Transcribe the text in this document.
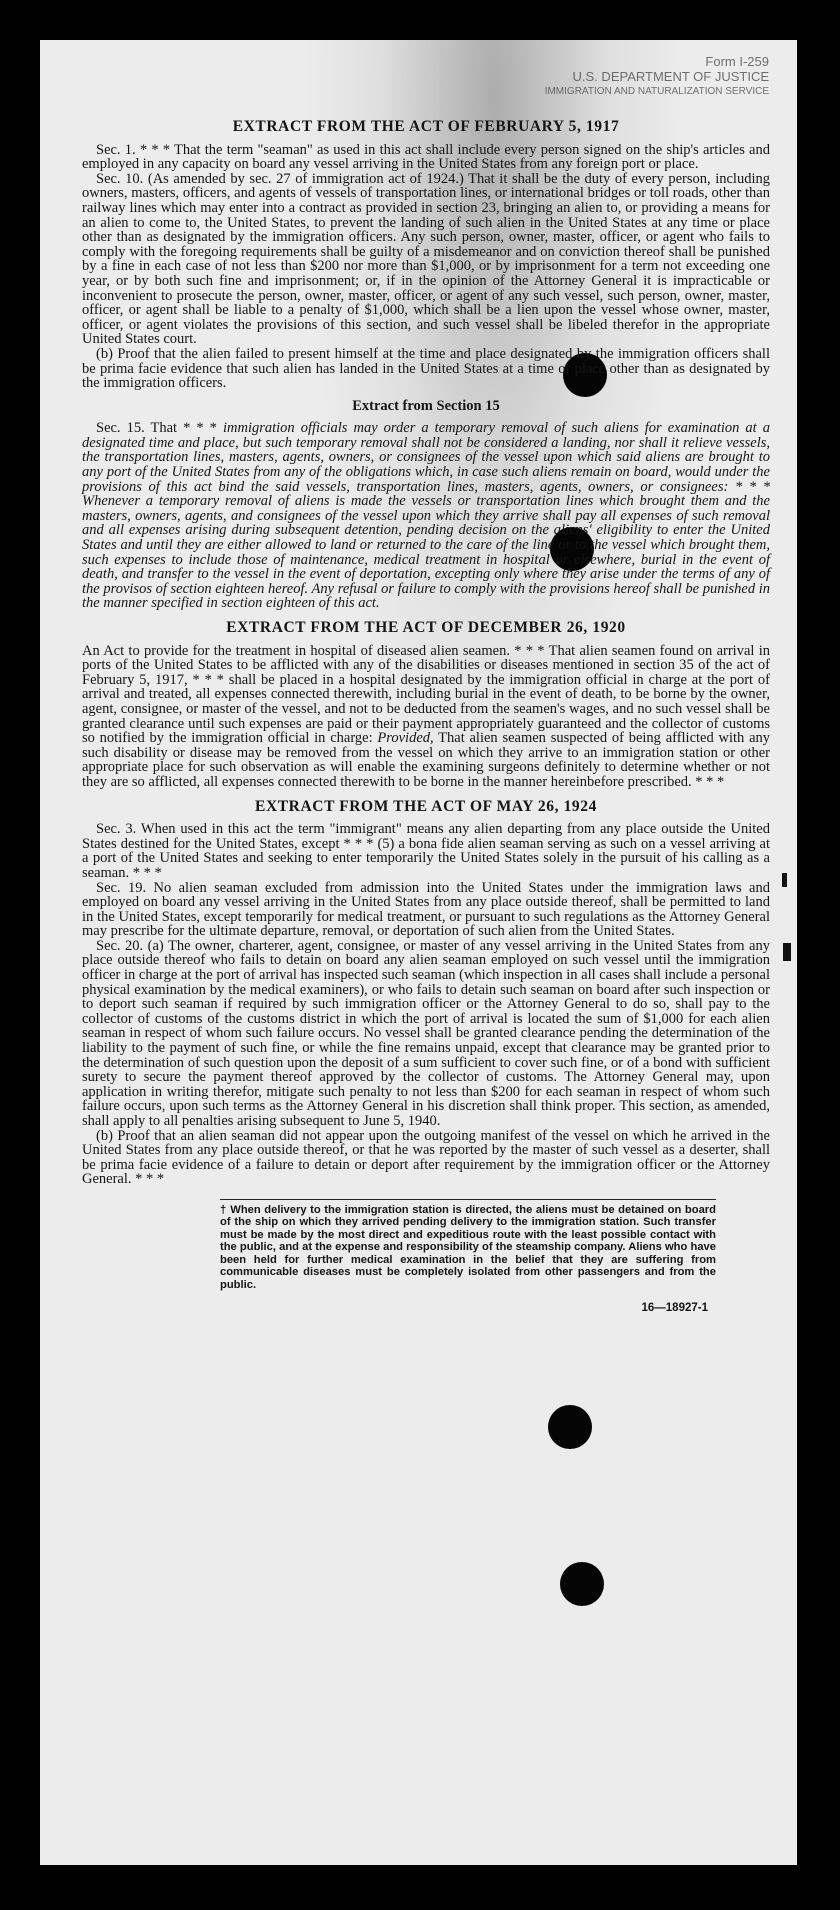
Form I-259
U.S. DEPARTMENT OF JUSTICE
IMMIGRATION AND NATURALIZATION SERVICE
EXTRACT FROM THE ACT OF FEBRUARY 5, 1917

Sec. 1. * * * That the term "seaman" as used in this act shall include every person signed on the ship's articles and employed in any capacity on board any vessel arriving in the United States from any foreign port or place.

Sec. 10. (As amended by sec. 27 of immigration act of 1924.) That it shall be the duty of every person, including owners, masters, officers, and agents of vessels of transportation lines, or international bridges or toll roads, other than railway lines which may enter into a contract as provided in section 23, bringing an alien to, or providing a means for an alien to come to, the United States, to prevent the landing of such alien in the United States at any time or place other than as designated by the immigration officers. Any such person, owner, master, officer, or agent who fails to comply with the foregoing requirements shall be guilty of a misdemeanor and on conviction thereof shall be punished by a fine in each case of not less than $200 nor more than $1,000, or by imprisonment for a term not exceeding one year, or by both such fine and imprisonment; or, if in the opinion of the Attorney General it is impracticable or inconvenient to prosecute the person, owner, master, officer, or agent of any such vessel, such person, owner, master, officer, or agent shall be liable to a penalty of $1,000, which shall be a lien upon the vessel whose owner, master, officer, or agent violates the provisions of this section, and such vessel shall be libeled therefor in the appropriate United States court.

(b) Proof that the alien failed to present himself at the time and place designated by the immigration officers shall be prima facie evidence that such alien has landed in the United States at a time or place other than as designated by the immigration officers.

Extract from Section 15

Sec. 15. That * * * immigration officials may order a temporary removal of such aliens for examination at a designated time and place, but such temporary removal shall not be considered a landing, nor shall it relieve vessels, the transportation lines, masters, agents, owners, or consignees of the vessel upon which said aliens are brought to any port of the United States from any of the obligations which, in case such aliens remain on board, would under the provisions of this act bind the said vessels, transportation lines, masters, agents, owners, or consignees: * * * Whenever a temporary removal of aliens is made the vessels or transportation lines which brought them and the masters, owners, agents, and consignees of the vessel upon which they arrive shall pay all expenses of such removal and all expenses arising during subsequent detention, pending decision on the aliens' eligibility to enter the United States and until they are either allowed to land or returned to the care of the line or to the vessel which brought them, such expenses to include those of maintenance, medical treatment in hospital or elsewhere, burial in the event of death, and transfer to the vessel in the event of deportation, excepting only where they arise under the terms of any of the provisos of section eighteen hereof. Any refusal or failure to comply with the provisions hereof shall be punished in the manner specified in section eighteen of this act.

EXTRACT FROM THE ACT OF DECEMBER 26, 1920

An Act to provide for the treatment in hospital of diseased alien seamen. * * * That alien seamen found on arrival in ports of the United States to be afflicted with any of the disabilities or diseases mentioned in section 35 of the act of February 5, 1917, * * * shall be placed in a hospital designated by the immigration official in charge at the port of arrival and treated, all expenses connected therewith, including burial in the event of death, to be borne by the owner, agent, consignee, or master of the vessel, and not to be deducted from the seamen's wages, and no such vessel shall be granted clearance until such expenses are paid or their payment appropriately guaranteed and the collector of customs so notified by the immigration official in charge: Provided, That alien seamen suspected of being afflicted with any such disability or disease may be removed from the vessel on which they arrive to an immigration station or other appropriate place for such observation as will enable the examining surgeons definitely to determine whether or not they are so afflicted, all expenses connected therewith to be borne in the manner hereinbefore prescribed. * * *

EXTRACT FROM THE ACT OF MAY 26, 1924

Sec. 3. When used in this act the term "immigrant" means any alien departing from any place outside the United States destined for the United States, except * * * (5) a bona fide alien seaman serving as such on a vessel arriving at a port of the United States and seeking to enter temporarily the United States solely in the pursuit of his calling as a seaman. * * *

Sec. 19. No alien seaman excluded from admission into the United States under the immigration laws and employed on board any vessel arriving in the United States from any place outside thereof, shall be permitted to land in the United States, except temporarily for medical treatment, or pursuant to such regulations as the Attorney General may prescribe for the ultimate departure, removal, or deportation of such alien from the United States.

Sec. 20. (a) The owner, charterer, agent, consignee, or master of any vessel arriving in the United States from any place outside thereof who fails to detain on board any alien seaman employed on such vessel until the immigration officer in charge at the port of arrival has inspected such seaman (which inspection in all cases shall include a personal physical examination by the medical examiners), or who fails to detain such seaman on board after such inspection or to deport such seaman if required by such immigration officer or the Attorney General to do so, shall pay to the collector of customs of the customs district in which the port of arrival is located the sum of $1,000 for each alien seaman in respect of whom such failure occurs. No vessel shall be granted clearance pending the determination of the liability to the payment of such fine, or while the fine remains unpaid, except that clearance may be granted prior to the determination of such question upon the deposit of a sum sufficient to cover such fine, or of a bond with sufficient surety to secure the payment thereof approved by the collector of customs. The Attorney General may, upon application in writing therefor, mitigate such penalty to not less than $200 for each seaman in respect of whom such failure occurs, upon such terms as the Attorney General in his discretion shall think proper. This section, as amended, shall apply to all penalties arising subsequent to June 5, 1940.

(b) Proof that an alien seaman did not appear upon the outgoing manifest of the vessel on which he arrived in the United States from any place outside thereof, or that he was reported by the master of such vessel as a deserter, shall be prima facie evidence of a failure to detain or deport after requirement by the immigration officer or the Attorney General. * * *

† When delivery to the immigration station is directed, the aliens must be detained on board of the ship on which they arrived pending delivery to the immigration station. Such transfer must be made by the most direct and expeditious route with the least possible contact with the public, and at the expense and responsibility of the steamship company. Aliens who have been held for further medical examination in the belief that they are suffering from communicable diseases must be completely isolated from other passengers and from the public.

16—18927-1
